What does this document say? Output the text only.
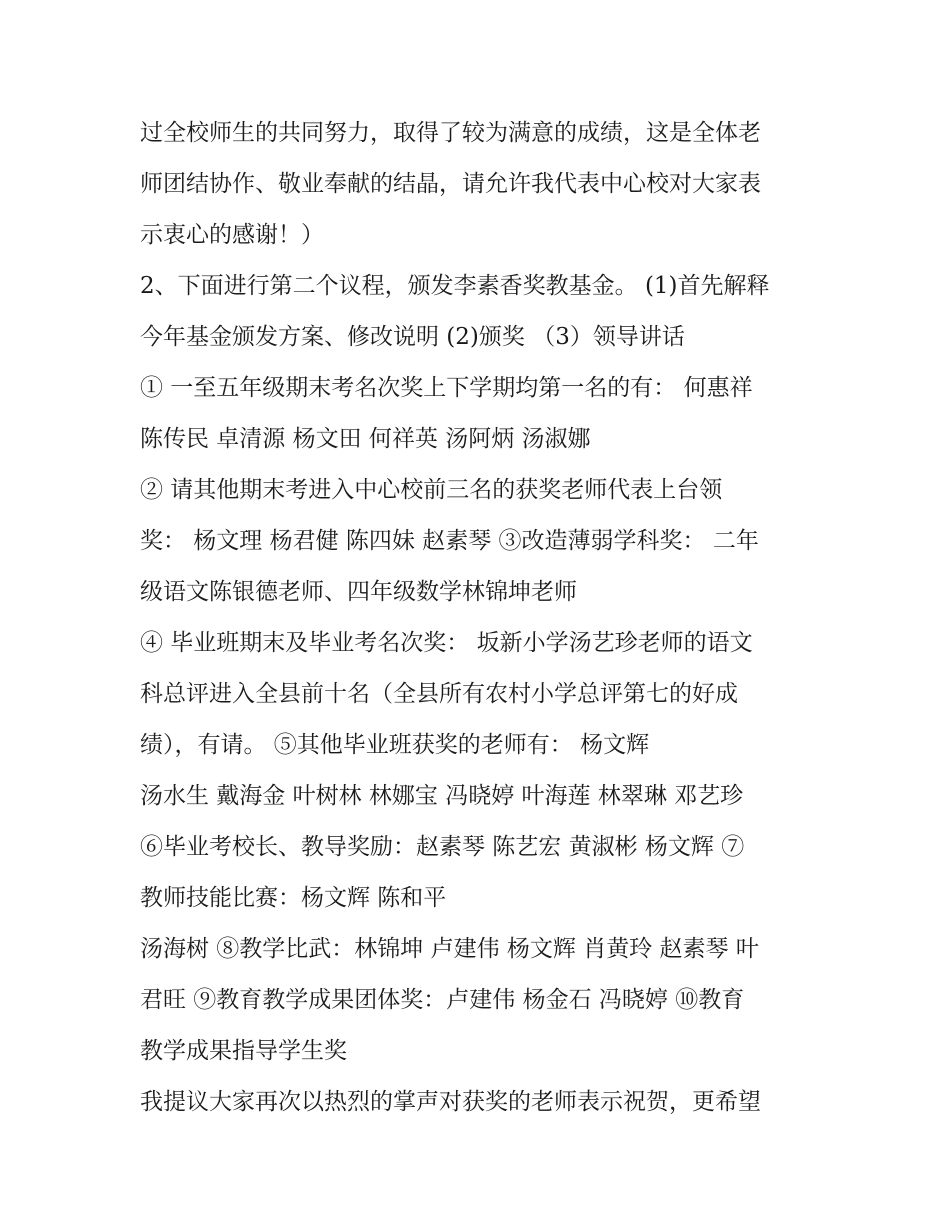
过全校师生的共同努力，取得了较为满意的成绩，这是全体老
师团结协作、敬业奉献的结晶，请允许我代表中心校对大家表
示衷心的感谢！）
2、下面进行第二个议程，颁发李素香奖教基金。 (1)首先解释
今年基金颁发方案、修改说明 (2)颁奖 （3）领导讲话
① 一至五年级期末考名次奖上下学期均第一名的有： 何惠祥
陈传民 卓清源 杨文田 何祥英 汤阿炳 汤淑娜
② 请其他期末考进入中心校前三名的获奖老师代表上台领
奖： 杨文理 杨君健 陈四妹 赵素琴 ③改造薄弱学科奖： 二年
级语文陈银德老师、四年级数学林锦坤老师
④ 毕业班期末及毕业考名次奖： 坂新小学汤艺珍老师的语文
科总评进入全县前十名（全县所有农村小学总评第七的好成
绩），有请。 ⑤其他毕业班获奖的老师有： 杨文辉
汤水生 戴海金 叶树林 林娜宝 冯晓婷 叶海莲 林翠琳 邓艺珍
⑥毕业考校长、教导奖励：赵素琴 陈艺宏 黄淑彬 杨文辉 ⑦
教师技能比赛：杨文辉 陈和平
汤海树 ⑧教学比武：林锦坤 卢建伟 杨文辉 肖黄玲 赵素琴 叶
君旺 ⑨教育教学成果团体奖：卢建伟 杨金石 冯晓婷 ⑩教育
教学成果指导学生奖
我提议大家再次以热烈的掌声对获奖的老师表示祝贺，更希望
